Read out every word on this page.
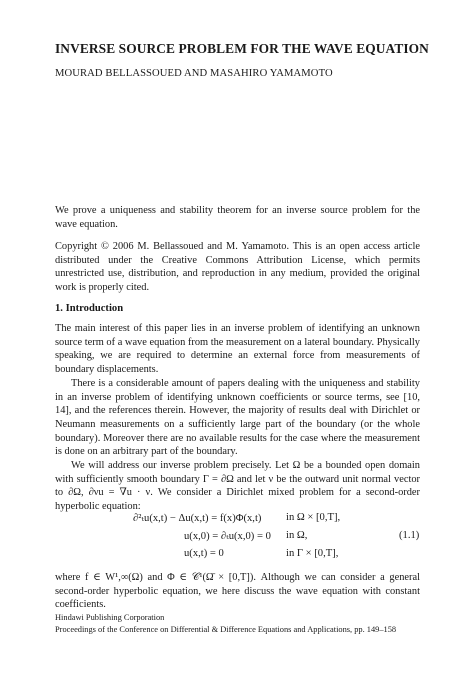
INVERSE SOURCE PROBLEM FOR THE WAVE EQUATION
MOURAD BELLASSOUED AND MASAHIRO YAMAMOTO
We prove a uniqueness and stability theorem for an inverse source problem for the wave equation.
Copyright © 2006 M. Bellassoued and M. Yamamoto. This is an open access article distributed under the Creative Commons Attribution License, which permits unrestricted use, distribution, and reproduction in any medium, provided the original work is properly cited.
1. Introduction

The main interest of this paper lies in an inverse problem of identifying an unknown source term of a wave equation from the measurement on a lateral boundary. Physically speaking, we are required to determine an external force from measurements of boundary displacements.

There is a considerable amount of papers dealing with the uniqueness and stability in an inverse problem of identifying unknown coefficients or source terms, see [10, 14], and the references therein. However, the majority of results deal with Dirichlet or Neumann measurements on a sufficiently large part of the boundary (or the whole boundary). Moreover there are no available results for the case where the measurement is done on an arbitrary part of the boundary.

We will address our inverse problem precisely. Let Ω be a bounded open domain with sufficiently smooth boundary Γ = ∂Ω and let ν be the outward unit normal vector to ∂Ω, ∂νu = ∇u · ν. We consider a Dirichlet mixed problem for a second-order hyperbolic equation:

∂²ₜu(x,t) − Δu(x,t) = f(x)Φ(x,t) in Ω × [0,T],
u(x,0) = ∂ₜu(x,0) = 0 in Ω,
u(x,t) = 0	in Γ × [0,T],
(1.1)
where f ∈ W¹,∞(Ω) and Φ ∈ 𝒞¹(Ω̄ × [0,T]). Although we can consider a general second-order hyperbolic equation, we here discuss the wave equation with constant coefficients.
Hindawi Publishing Corporation
Proceedings of the Conference on Differential & Difference Equations and Applications, pp. 149–158
